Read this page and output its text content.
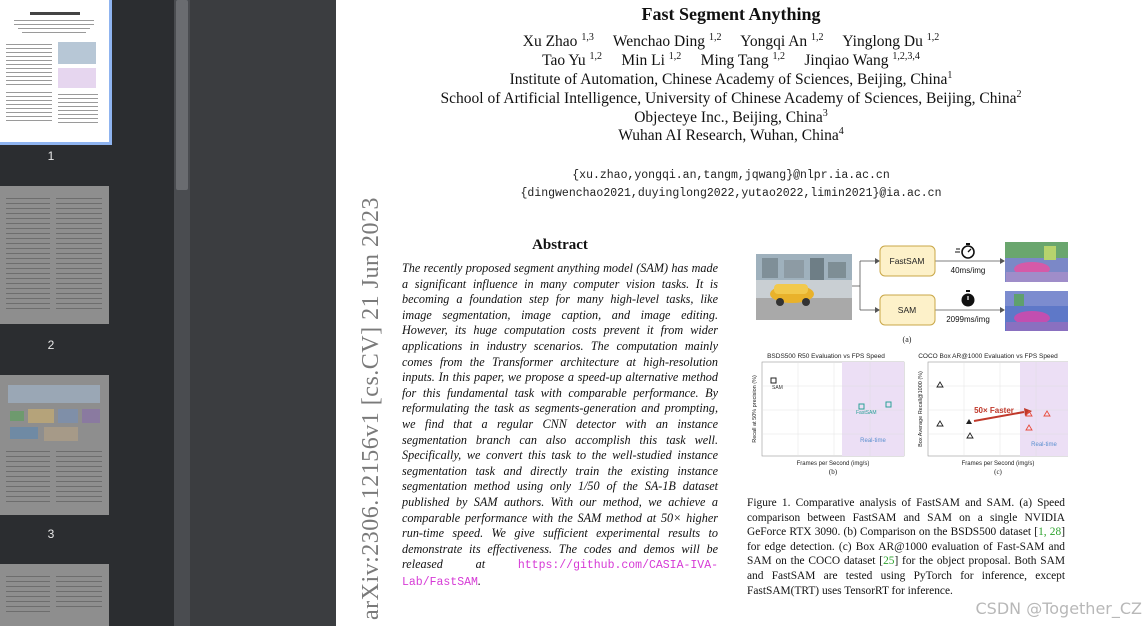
1
2
3
Fast Segment Anything
Xu Zhao $^{1,3}$     Wenchao Ding $^{1,2}$     Yongqi An $^{1,2}$     Yinglong Du $^{1,2}$
Tao Yu $^{1,2}$     Min Li $^{1,2}$     Ming Tang $^{1,2}$     Jinqiao Wang $^{1,2,3,4}$
Institute of Automation, Chinese Academy of Sciences, Beijing, China$^1$
School of Artificial Intelligence, University of Chinese Academy of Sciences, Beijing, China$^2$
Objecteye Inc., Beijing, China$^3$
Wuhan AI Research, Wuhan, China$^4$
{xu.zhao,yongqi.an,tangm,jqwang}@nlpr.ia.ac.cn
{dingwenchao2021,duyinglong2022,yutao2022,limin2021}@ia.ac.cn
arXiv:2306.12156v1 [cs.CV] 21 Jun 2023	Abstract
The recently proposed segment anything model (SAM) has made a significant influence in many computer vision tasks. It is becoming a foundation step for many high-level tasks, like image segmentation, image caption, and image editing. However, its huge computation costs prevent it from wider applications in industry scenarios. The computation mainly comes from the Transformer architecture at high-resolution inputs. In this paper, we propose a speed-up alternative method for this fundamental task with comparable performance. By reformulating the task as segments-generation and prompting, we find that a regular CNN detector with an instance segmentation branch can also accomplish this task well. Specifically, we convert this task to the well-studied instance segmentation task and directly train the existing instance segmentation method using only 1/50 of the SA-1B dataset published by SAM authors. With our method, we achieve a comparable performance with the SAM method at 50× higher run-time speed. We give sufficient experimental results to demonstrate its effectiveness. The codes and demos will be released at	https://github.com/CASIA-IVA-Lab/FastSAM.
FastSAM
SAM
40ms/img
2099ms/img
(a)
BSDS500 R50 Evaluation vs FPS Speed
SAM
FastSAM
Real-time
Recall at 50% precision (%)
Frames per Second (img/s)
(b)
COCO Box AR@1000 Evaluation vs FPS Speed
50× Faster
Real-time
Box Average Recall@1000 (%)
Frames per Second (img/s)
(c)
Figure 1. Comparative analysis of FastSAM and SAM. (a) Speed comparison between FastSAM and SAM on a single NVIDIA GeForce RTX 3090. (b) Comparison on the BSDS500 dataset [1, 28] for edge detection. (c) Box AR@1000 evaluation of Fast-SAM and SAM on the COCO dataset [25] for the object proposal. Both SAM and FastSAM are tested using PyTorch for inference, except FastSAM(TRT) uses TensorRT for inference.
CSDN @Together_CZ
